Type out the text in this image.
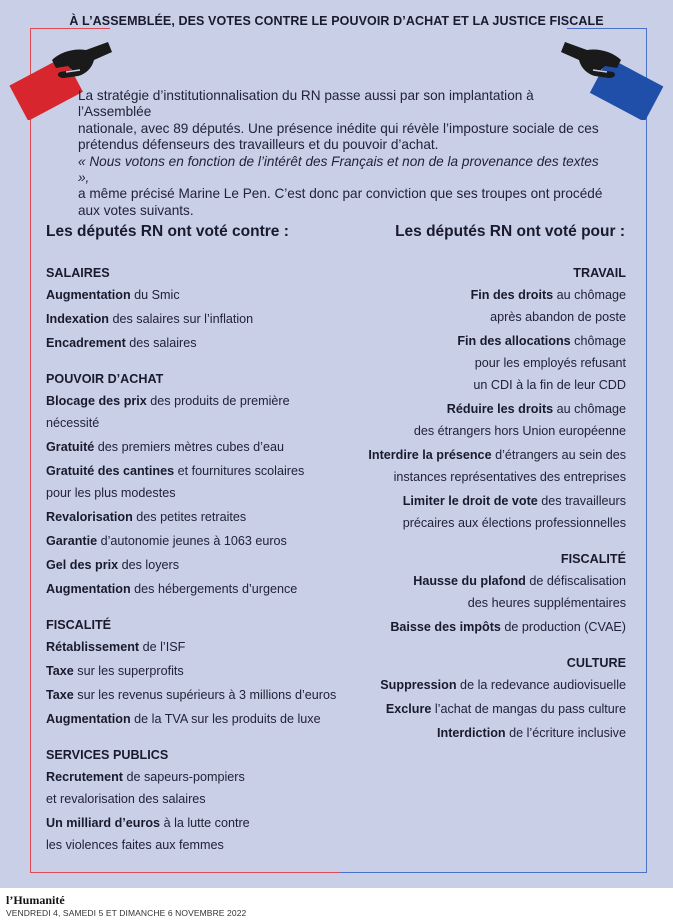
À L’ASSEMBLÉE, DES VOTES CONTRE LE POUVOIR D’ACHAT ET LA JUSTICE FISCALE
La stratégie d’institutionnalisation du RN passe aussi par son implantation à l’Assemblée
nationale, avec 89 députés. Une présence inédite qui révèle l’imposture sociale de ces
prétendus défenseurs des travailleurs et du pouvoir d’achat.
« Nous votons en fonction de l’intérêt des Français et non de la provenance des textes »,
a même précisé Marine Le Pen. C’est donc par conviction que ses troupes ont procédé
aux votes suivants.
Les députés RN ont voté contre :	Les députés RN ont voté pour :
SALAIRES
Augmentation du Smic
Indexation des salaires sur l’inflation
Encadrement des salaires
POUVOIR D’ACHAT
Blocage des prix des produits de première nécessité
Gratuité des premiers mètres cubes d’eau
Gratuité des cantines et fournitures scolaires
pour les plus modestes
Revalorisation des petites retraites
Garantie d’autonomie jeunes à 1063 euros
Gel des prix des loyers
Augmentation des hébergements d’urgence
FISCALITÉ
Rétablissement de l’ISF
Taxe sur les superprofits
Taxe sur les revenus supérieurs à 3 millions d’euros
Augmentation de la TVA sur les produits de luxe
SERVICES PUBLICS
Recrutement de sapeurs-pompiers
et revalorisation des salaires
Un milliard d’euros à la lutte contre
les violences faites aux femmes
TRAVAIL
Fin des droits au chômage
après abandon de poste
Fin des allocations chômage
pour les employés refusant
un CDI à la fin de leur CDD
Réduire les droits au chômage
des étrangers hors Union européenne
Interdire la présence d’étrangers au sein des
instances représentatives des entreprises
Limiter le droit de vote des travailleurs
précaires aux élections professionnelles
FISCALITÉ
Hausse du plafond de défiscalisation
des heures supplémentaires
Baisse des impôts de production (CVAE)
CULTURE
Suppression de la redevance audiovisuelle
Exclure l’achat de mangas du pass culture
Interdiction de l’écriture inclusive
l’Humanité
VENDREDI 4, SAMEDI 5 ET DIMANCHE 6 NOVEMBRE 2022
